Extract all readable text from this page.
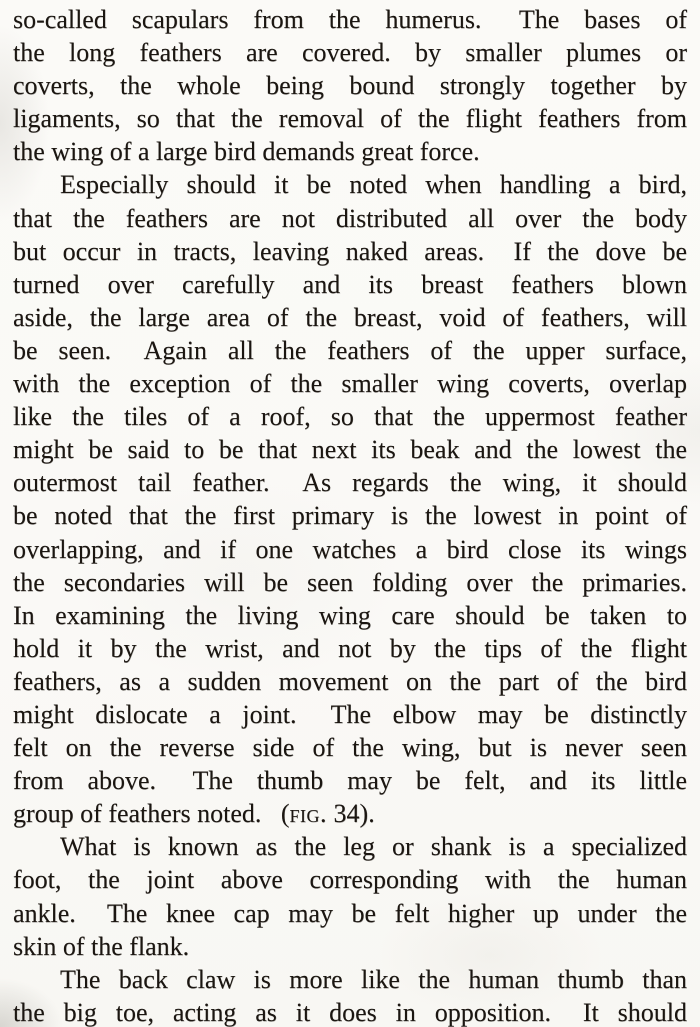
so-called scapulars from the humerus.  The bases of
the long feathers are covered. by smaller plumes or
coverts, the whole being bound strongly together by
ligaments, so that the removal of the flight feathers from
the wing of a large bird demands great force.
Especially should it be noted when handling a bird,
that the feathers are not distributed all over the body
but occur in tracts, leaving naked areas.  If the dove be
turned over carefully and its breast feathers blown
aside, the large area of the breast, void of feathers, will
be seen.  Again all the feathers of the upper surface,
with the exception of the smaller wing coverts, overlap
like the tiles of a roof, so that the uppermost feather
might be said to be that next its beak and the lowest the
outermost tail feather.  As regards the wing, it should
be noted that the first primary is the lowest in point of
overlapping, and if one watches a bird close its wings
the secondaries will be seen folding over the primaries.
In examining the living wing care should be taken to
hold it by the wrist, and not by the tips of the flight
feathers, as a sudden movement on the part of the bird
might dislocate a joint.  The elbow may be distinctly
felt on the reverse side of the wing, but is never seen
from above.  The thumb may be felt, and its little
group of feathers noted.  (fig. 34).
What is known as the leg or shank is a specialized
foot, the joint above corresponding with the human
ankle.  The knee cap may be felt higher up under the
skin of the flank.
The back claw is more like the human thumb than
the big toe, acting as it does in opposition.  It should
